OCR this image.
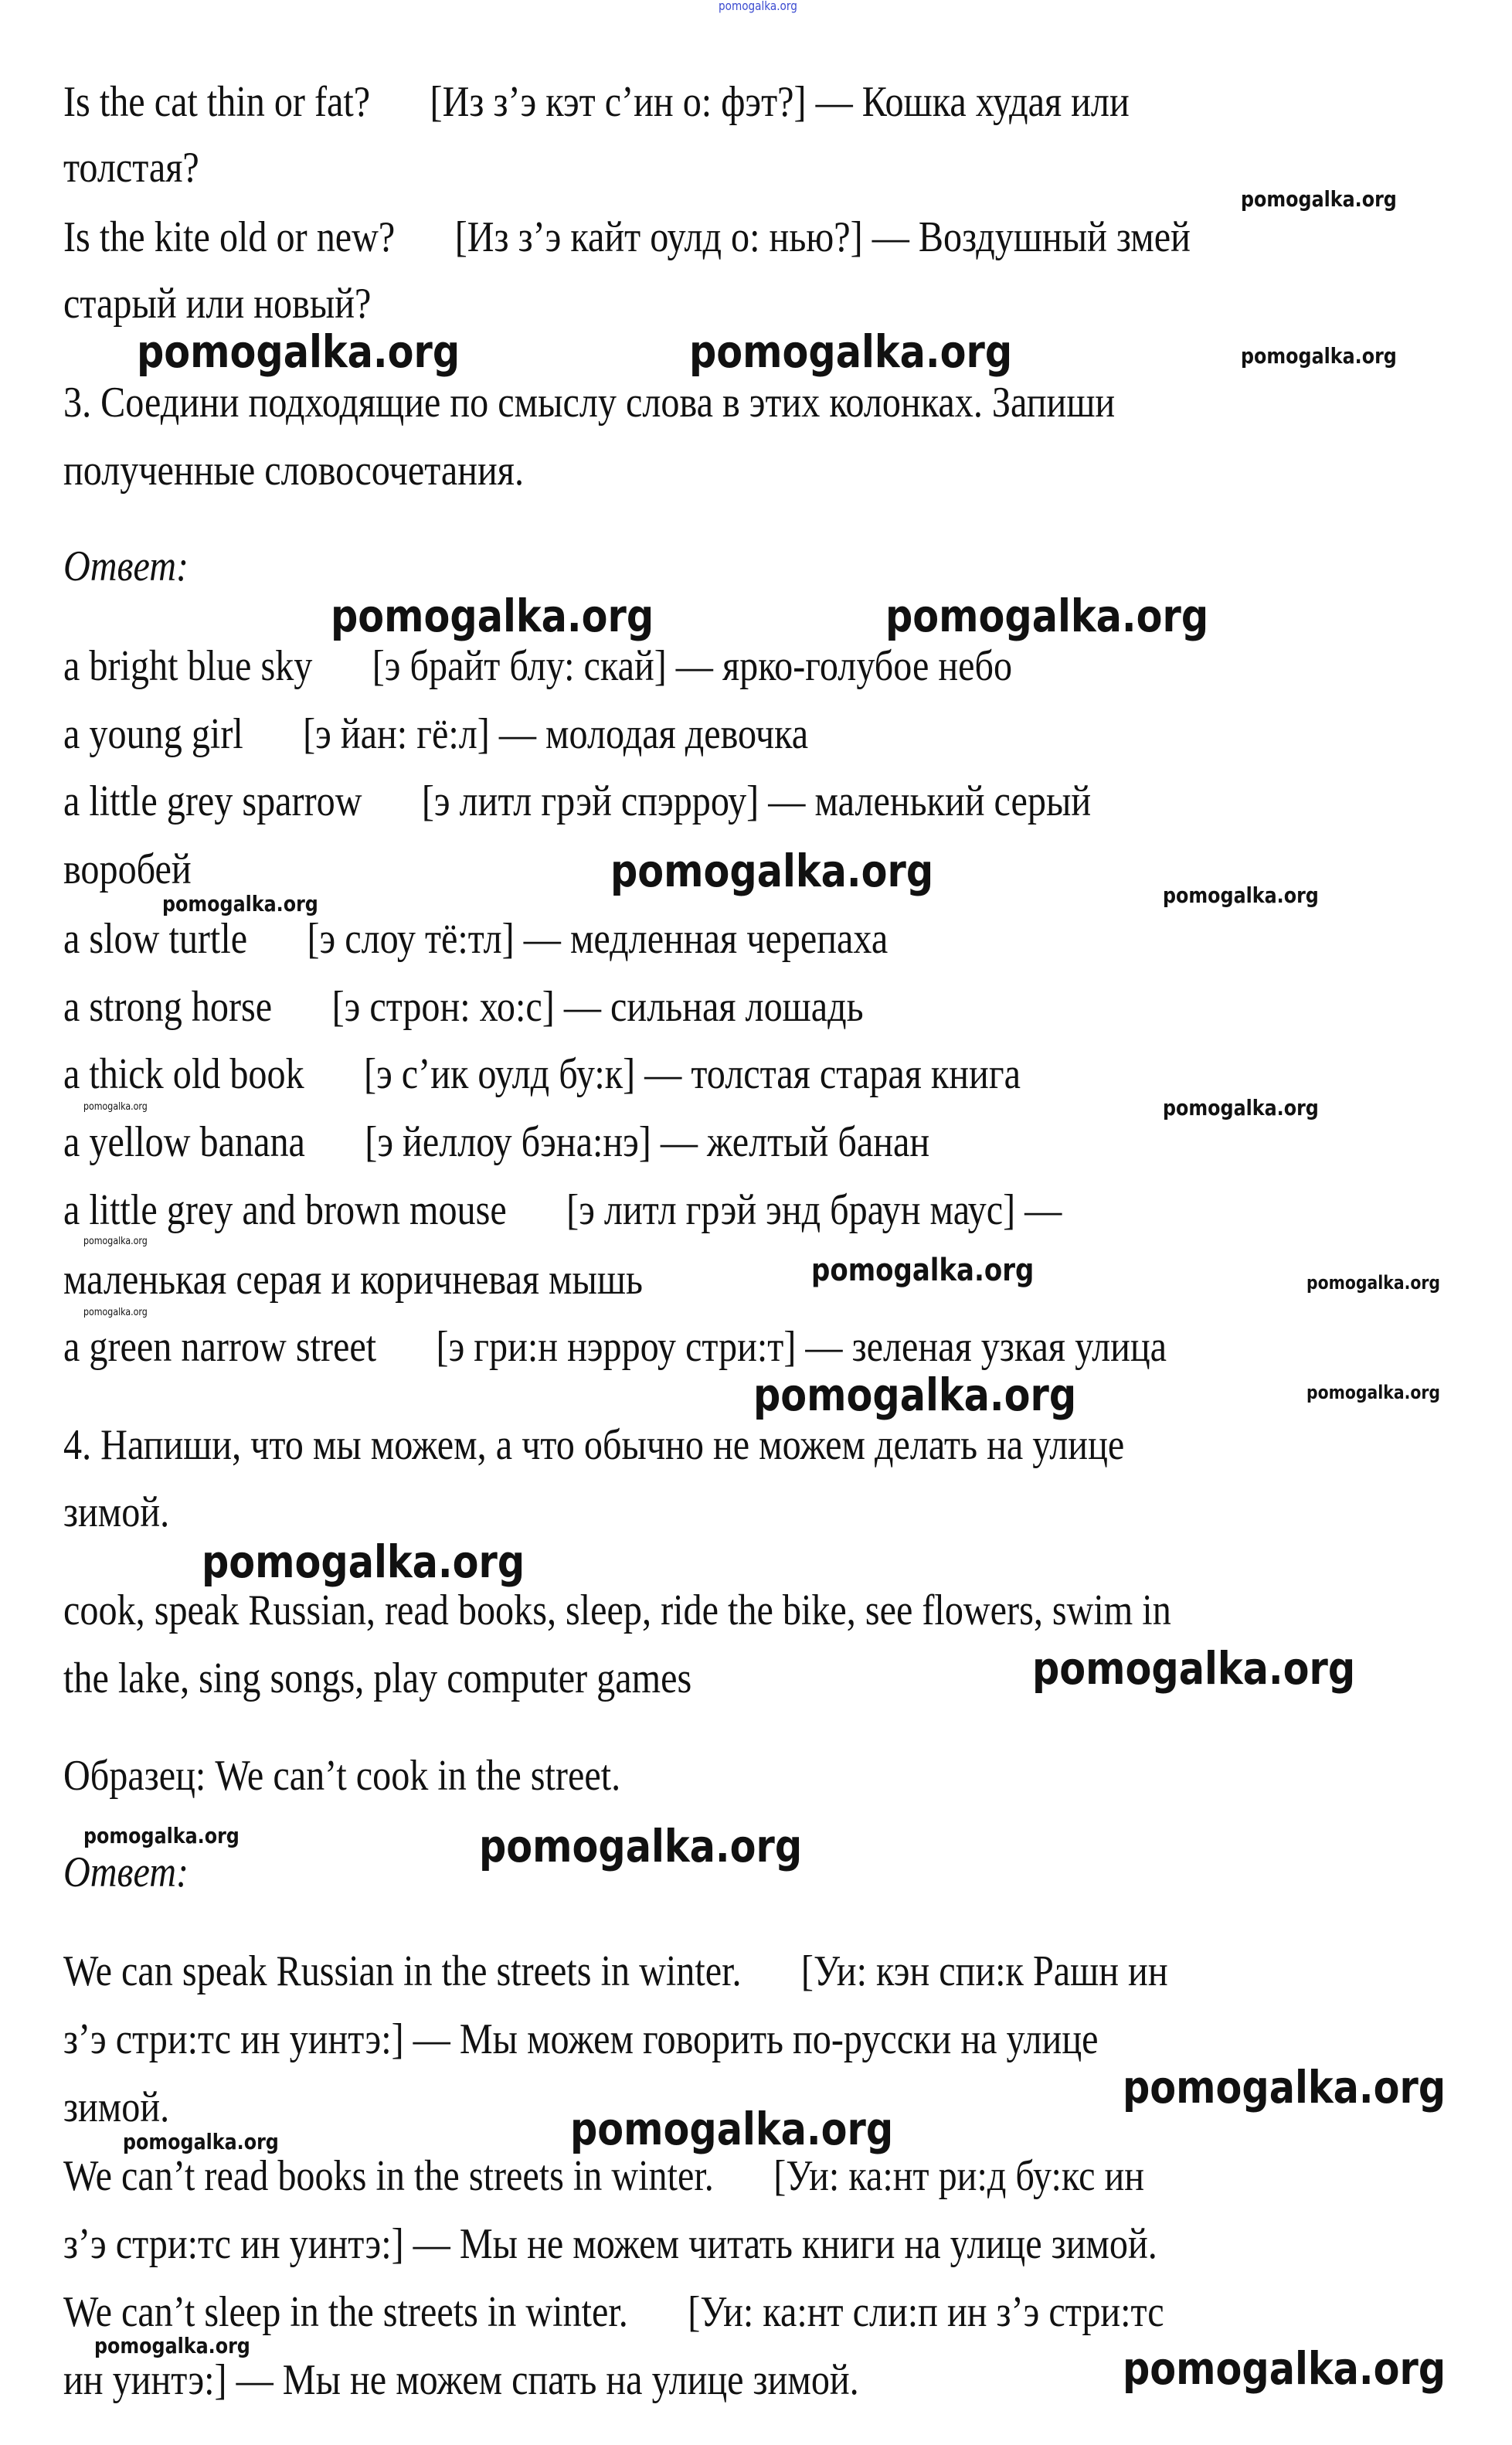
pomogalka.org
pomogalka.org
pomogalka.org	pomogalka.org	pomogalka.org
pomogalka.org	pomogalka.org
pomogalka.org
pomogalka.org	pomogalka.org
pomogalka.org
pomogalka.org
pomogalka.org
pomogalka.org	pomogalka.org
pomogalka.org
pomogalka.org	pomogalka.org
pomogalka.org
pomogalka.org
pomogalka.org	pomogalka.org
pomogalka.org
pomogalka.org	pomogalka.org
pomogalka.org	pomogalka.org
Is the cat thin or fat? [Из з’э кэт с’ин о: фэт?] — Кошка худая или
толстая?
Is the kite old or new? [Из з’э кайт оулд о: нью?] — Воздушный змей
старый или новый?
3. Соедини подходящие по смыслу слова в этих колонках. Запиши
полученные словосочетания.
Ответ:
a bright blue sky [э брайт блу: скай] — ярко-голубое небо
a young girl [э йан: гё:л] — молодая девочка
a little grey sparrow [э литл грэй спэрроу] — маленький серый
воробей
a slow turtle [э слоу тё:тл] — медленная черепаха
a strong horse [э строн: хо:с] — сильная лошадь
a thick old book [э с’ик оулд бу:к] — толстая старая книга
a yellow banana [э йеллоу бэна:нэ] — желтый банан
a little grey and brown mouse [э литл грэй энд браун маус] —
маленькая серая и коричневая мышь
a green narrow street [э гри:н нэрроу стри:т] — зеленая узкая улица
4. Напиши, что мы можем, а что обычно не можем делать на улице
зимой.
cook, speak Russian, read books, sleep, ride the bike, see flowers, swim in
the lake, sing songs, play computer games
Образец: We can’t cook in the street.
Ответ:
We can speak Russian in the streets in winter. [Уи: кэн спи:к Рашн ин
з’э стри:тс ин уинтэ:] — Мы можем говорить по-русски на улице
зимой.
We can’t read books in the streets in winter. [Уи: ка:нт ри:д бу:кс ин
з’э стри:тс ин уинтэ:] — Мы не можем читать книги на улице зимой.
We can’t sleep in the streets in winter. [Уи: ка:нт сли:п ин з’э стри:тс
ин уинтэ:] — Мы не можем спать на улице зимой.
